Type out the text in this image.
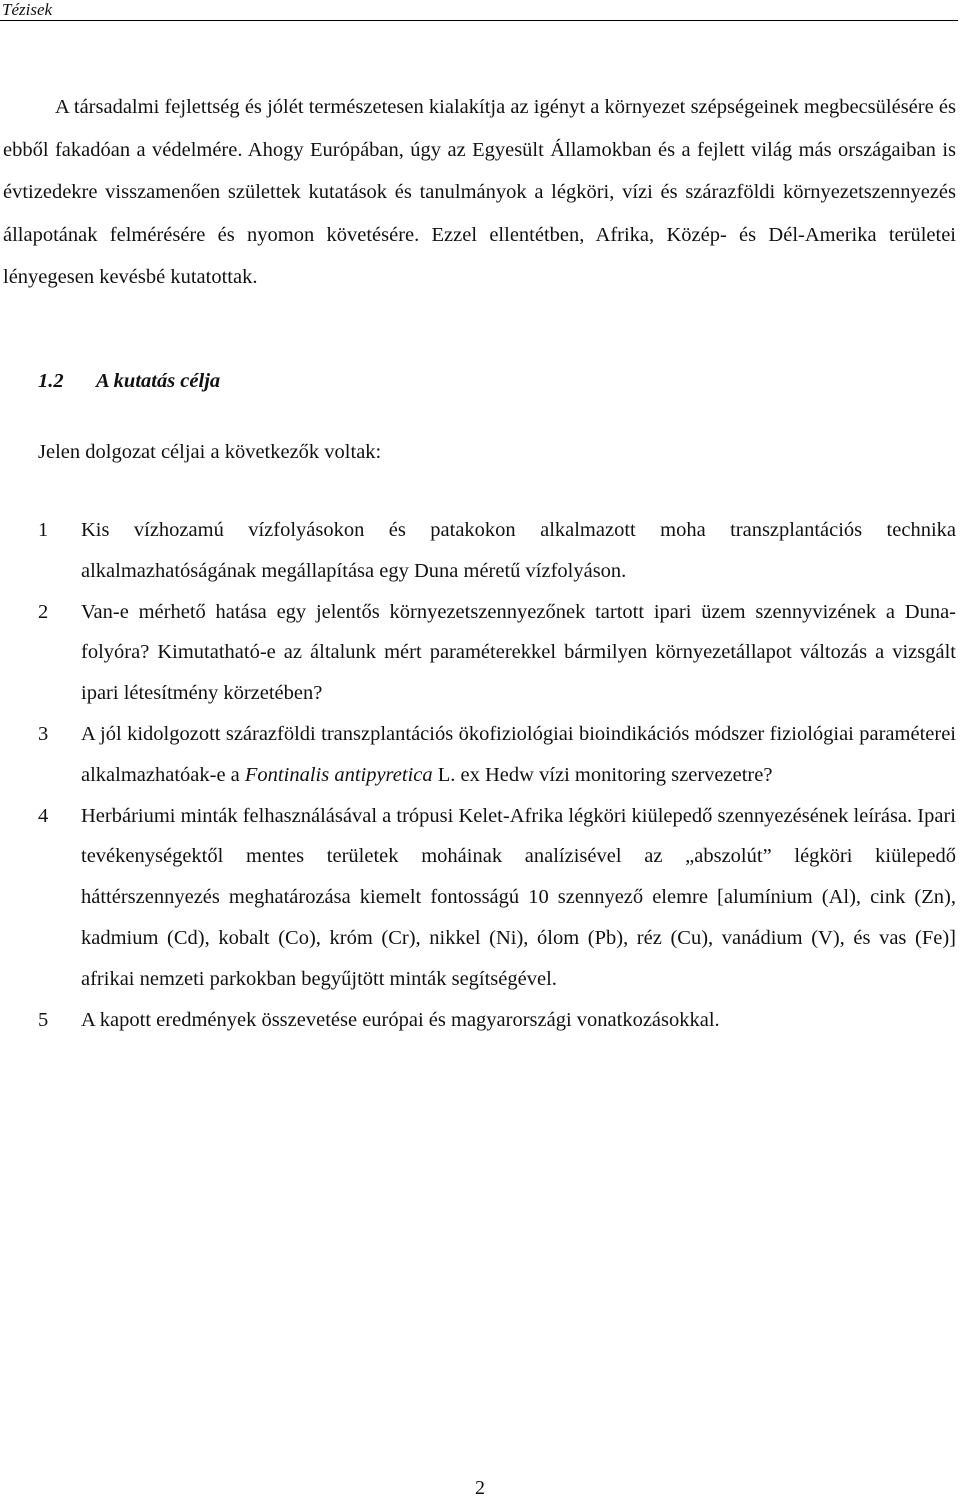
Tézisek

A társadalmi fejlettség és jólét természetesen kialakítja az igényt a környezet szépségeinek megbecsülésére és ebből fakadóan a védelmére. Ahogy Európában, úgy az Egyesült Államokban és a fejlett világ más országaiban is évtizedekre visszamenően születtek kutatások és tanulmányok a légköri, vízi és szárazföldi környezetszennyezés állapotának felmérésére és nyomon követésére. Ezzel ellentétben, Afrika, Közép- és Dél-Amerika területei lényegesen kevésbé kutatottak.

1.2 A kutatás célja
Jelen dolgozat céljai a következők voltak:
1 Kis vízhozamú vízfolyásokon és patakokon alkalmazott moha transzplantációs technika alkalmazhatóságának megállapítása egy Duna méretű vízfolyáson.
2 Van-e mérhető hatása egy jelentős környezetszennyezőnek tartott ipari üzem szennyvizének a Duna-folyóra? Kimutatható-e az általunk mért paraméterekkel bármilyen környezetállapot változás a vizsgált ipari létesítmény körzetében?
3 A jól kidolgozott szárazföldi transzplantációs ökofiziológiai bioindikációs módszer fiziológiai paraméterei alkalmazhatóak-e a Fontinalis antipyretica L. ex Hedw vízi monitoring szervezetre?
4 Herbáriumi minták felhasználásával a trópusi Kelet-Afrika légköri kiülepedő szennyezésének leírása. Ipari tevékenységektől mentes területek moháinak analízisével az „abszolút” légköri kiülepedő háttérszennyezés meghatározása kiemelt fontosságú 10 szennyező elemre [alumínium (Al), cink (Zn), kadmium (Cd), kobalt (Co), króm (Cr), nikkel (Ni), ólom (Pb), réz (Cu), vanádium (V), és vas (Fe)] afrikai nemzeti parkokban begyűjtött minták segítségével.
5 A kapott eredmények összevetése európai és magyarországi vonatkozásokkal.
2
